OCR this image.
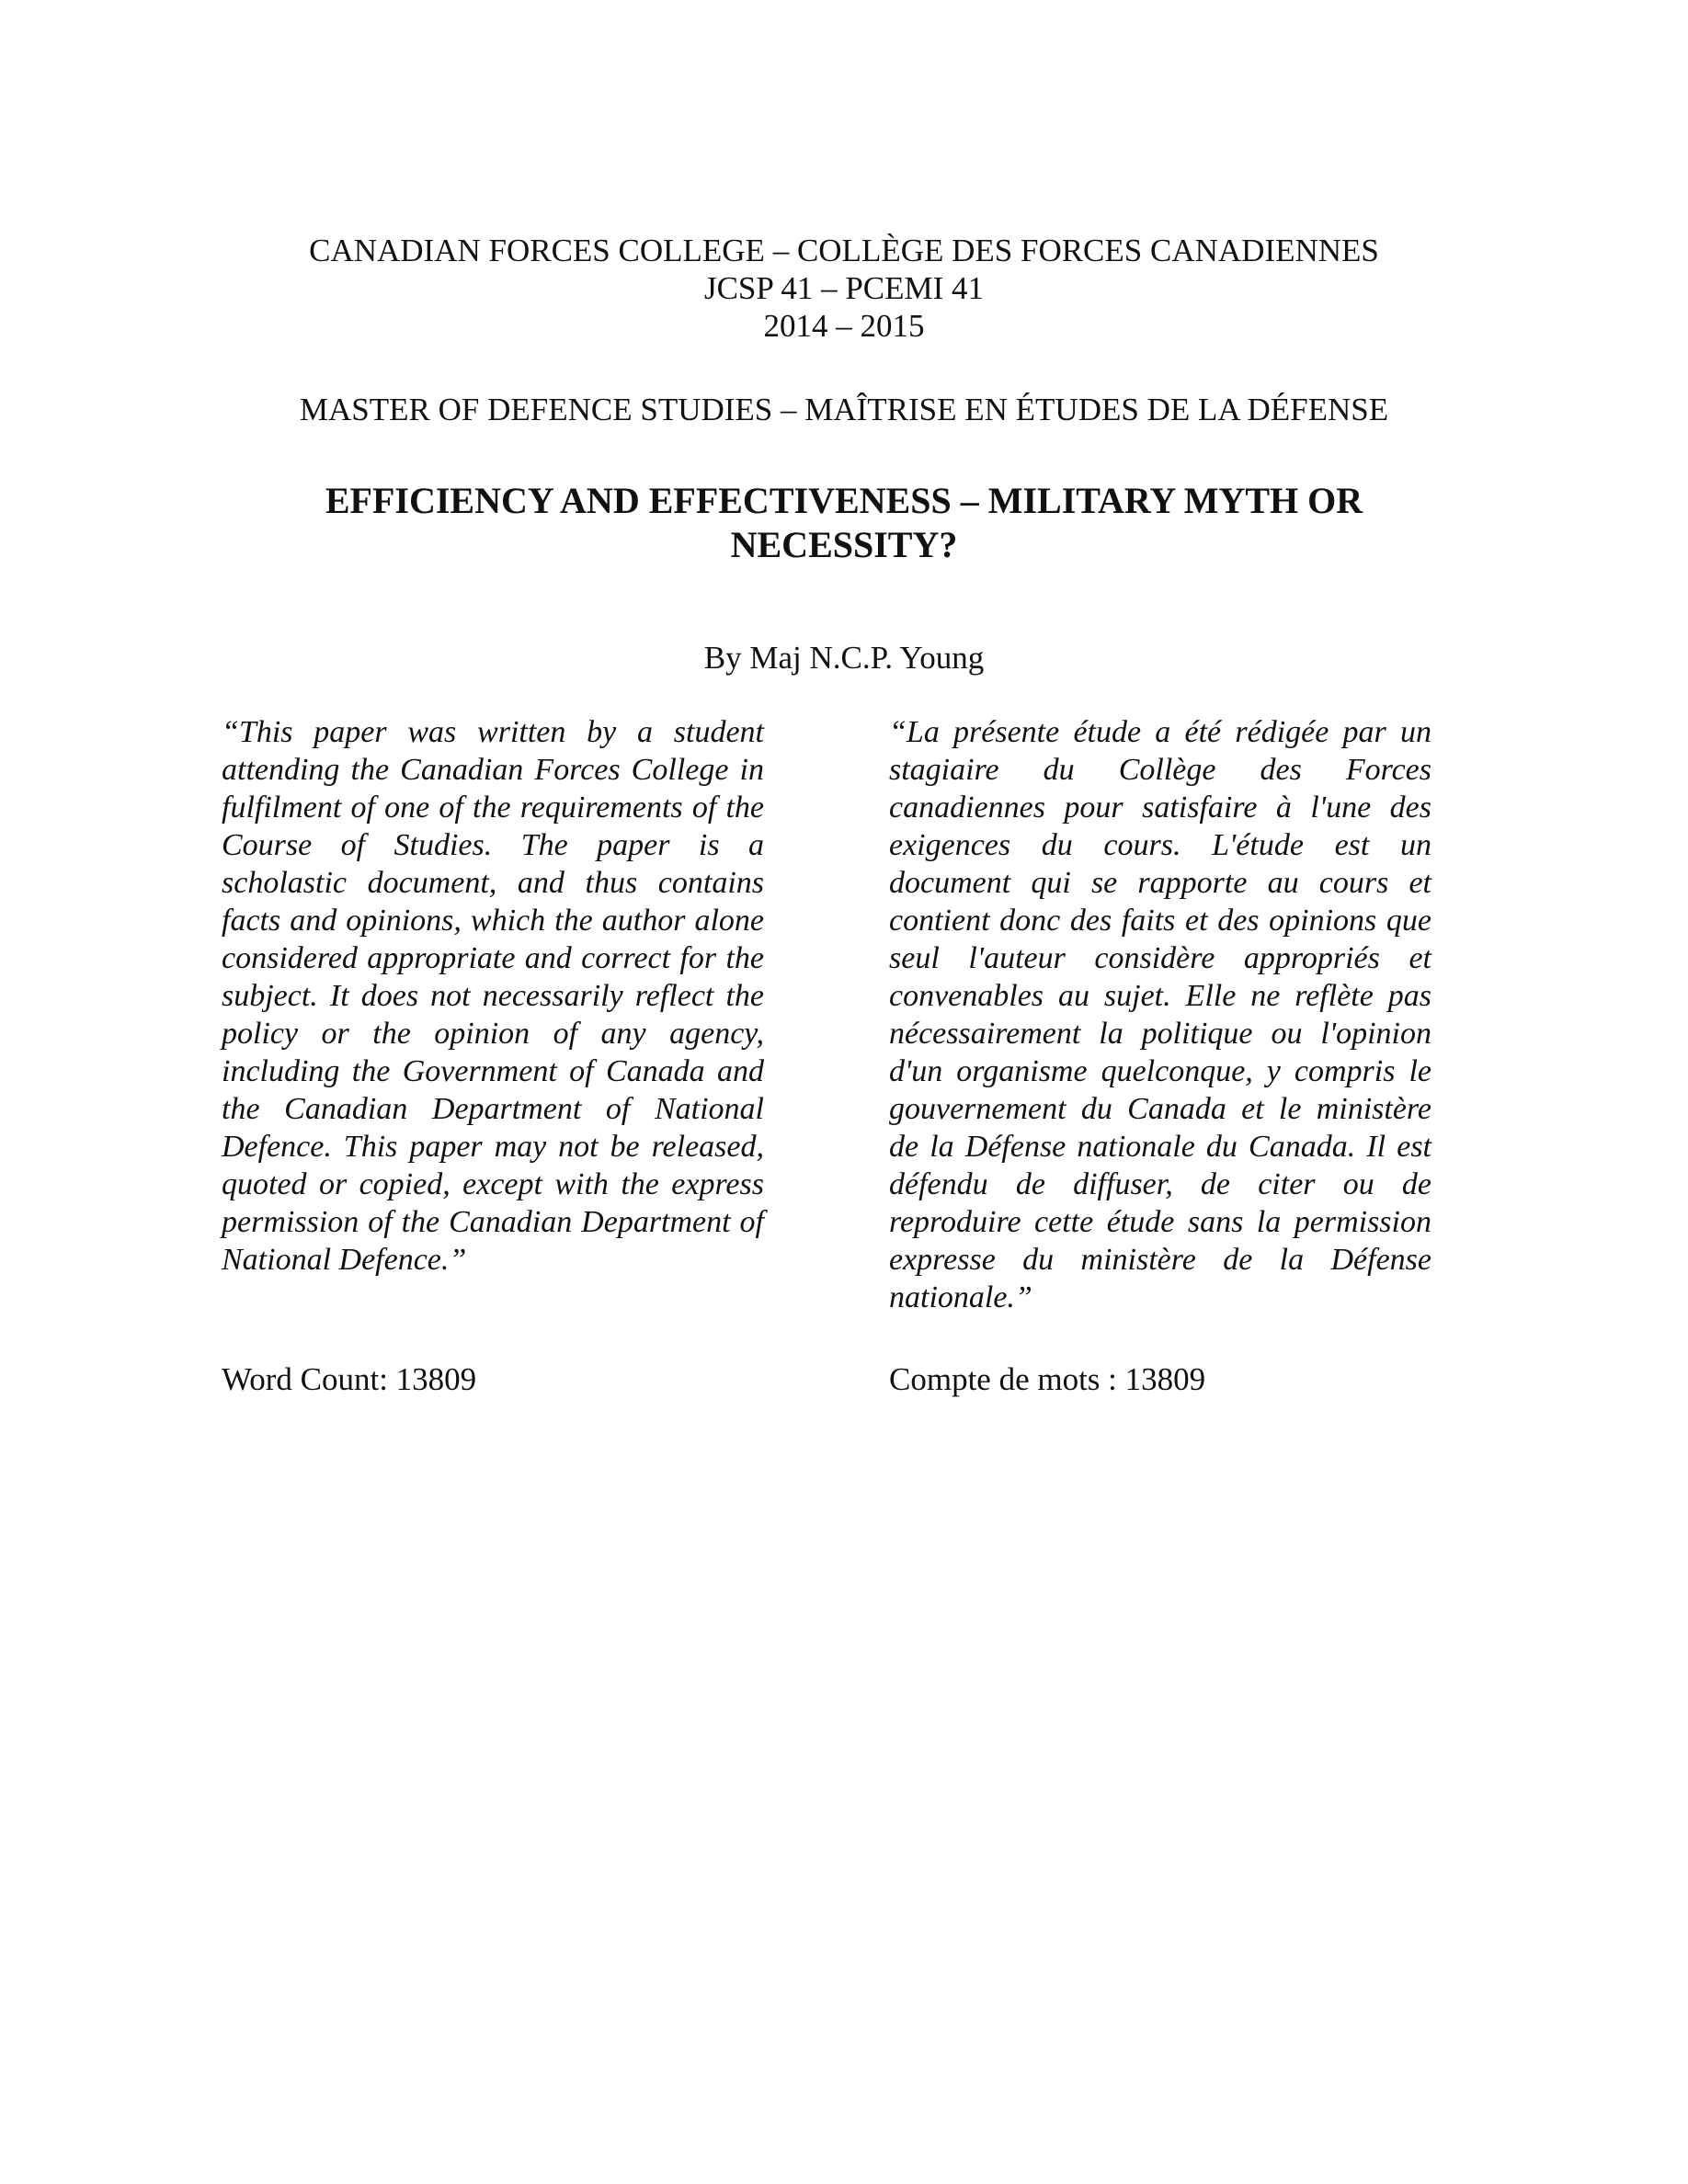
CANADIAN FORCES COLLEGE – COLLÈGE DES FORCES CANADIENNES
JCSP 41 – PCEMI 41
2014 – 2015
MASTER OF DEFENCE STUDIES – MAÎTRISE EN ÉTUDES DE LA DÉFENSE
EFFICIENCY AND EFFECTIVENESS – MILITARY MYTH OR NECESSITY?
By Maj N.C.P. Young
“This paper was written by a student attending the Canadian Forces College in fulfilment of one of the requirements of the Course of Studies. The paper is a scholastic document, and thus contains facts and opinions, which the author alone considered appropriate and correct for the subject. It does not necessarily reflect the policy or the opinion of any agency, including the Government of Canada and the Canadian Department of National Defence. This paper may not be released, quoted or copied, except with the express permission of the Canadian Department of National Defence.”
“La présente étude a été rédigée par un stagiaire du Collège des Forces canadiennes pour satisfaire à l'une des exigences du cours. L'étude est un document qui se rapporte au cours et contient donc des faits et des opinions que seul l'auteur considère appropriés et convenables au sujet. Elle ne reflète pas nécessairement la politique ou l'opinion d'un organisme quelconque, y compris le gouvernement du Canada et le ministère de la Défense nationale du Canada. Il est défendu de diffuser, de citer ou de reproduire cette étude sans la permission expresse du ministère de la Défense nationale.”
Word Count: 13809	Compte de mots : 13809
